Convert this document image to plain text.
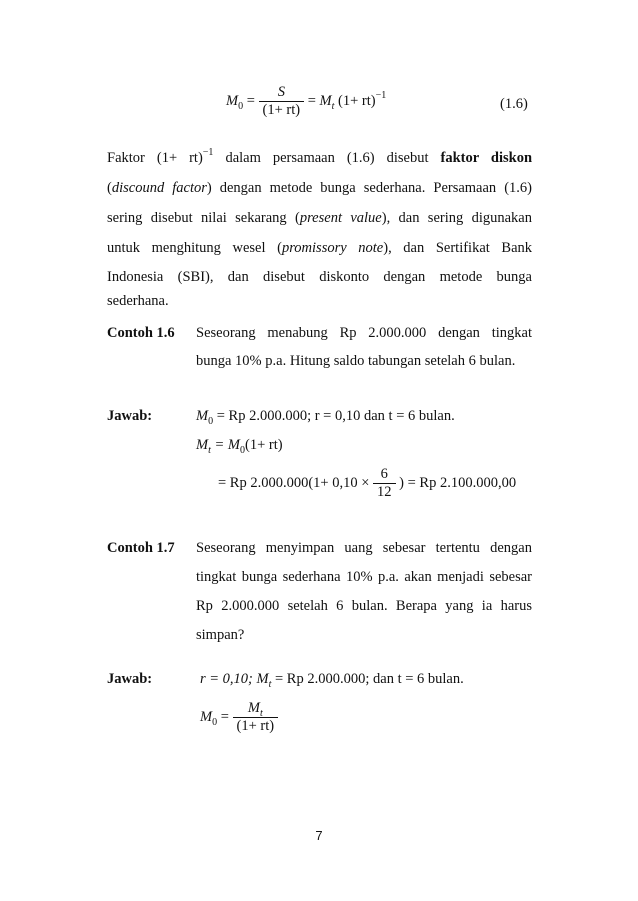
$M_0 = \frac{S}{(1+ rt)} = M_t$ (1+ rt)$^{-1}$
(1.6)
Faktor (1+ rt)$^{-1}$ dalam persamaan (1.6) disebut faktor diskon
(discound factor) dengan metode bunga sederhana. Persamaan (1.6)
sering disebut nilai sekarang (present value), dan sering digunakan
untuk menghitung wesel (promissory note), dan Sertifikat Bank
Indonesia (SBI), dan disebut diskonto dengan metode bunga
sederhana.
Contoh 1.6 Seseorang menabung Rp 2.000.000 dengan tingkat
bunga 10% p.a. Hitung saldo tabungan setelah 6 bulan.
Jawab:	$M_0 = Rp$ 2.000.000; r = 0,10 dan t = 6 bulan.
$M_t = M_0(1+ rt)$
= Rp $2.000.000(1+ 0,10 \times \frac{6}{12}$ ) = Rp 2.100.000,00
Contoh 1.7 Seseorang menyimpan uang sebesar tertentu dengan
tingkat bunga sederhana 10% p.a. akan menjadi sebesar
Rp 2.000.000 setelah 6 bulan. Berapa yang ia harus
simpan?
Jawab:	r = 0,10; $M_t = Rp$ 2.000.000; dan t = 6 bulan.
$M_0 = \frac{M_t}{(1+ rt)}$
7
